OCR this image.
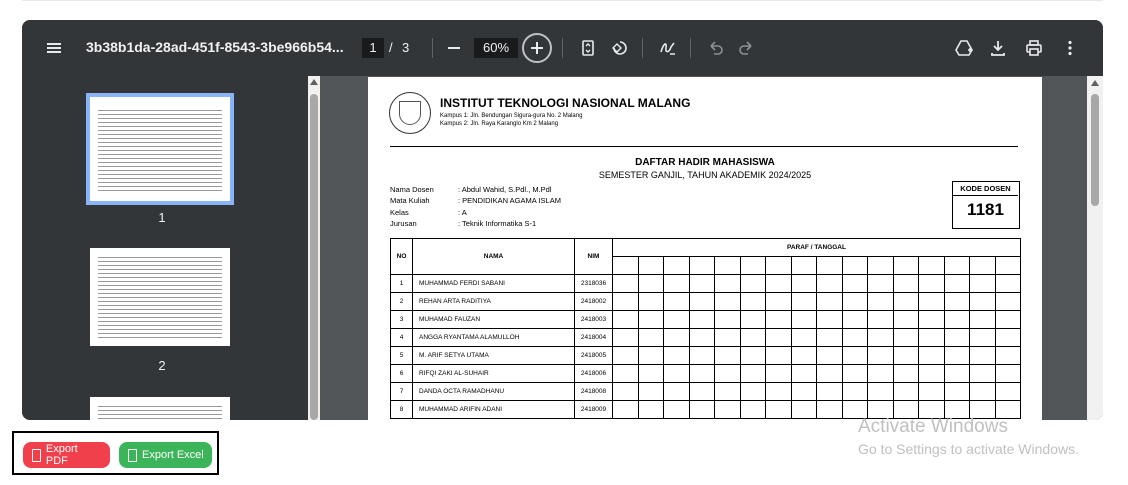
3b38b1da-28ad-451f-8543-3be966b54...	1 / 3	60%
1
2
INSTITUT TEKNOLOGI NASIONAL MALANG
Kampus 1: Jln. Bendungan Sigura-gura No. 2 Malang
Kampus 2: Jln. Raya Karanglo Km 2 Malang
DAFTAR HADIR MAHASISWA
SEMESTER GANJIL, TAHUN AKADEMIK 2024/2025
Nama Dosen	: Abdul Wahid, S.Pdl., M.Pdl
Mata Kuliah	: PENDIDIKAN AGAMA ISLAM
Kelas	: A
Jurusan	: Teknik Informatika S-1
KODE DOSEN
1181
NO	NAMA	NIM	PARAF / TANGGAL															

1	MUHAMMAD FERDI SABANI	2318036																
2	REHAN ARTA RADITIYA	2418002																
3	MUHAMAD FAUZAN	2418003																
4	ANGGA RYANTAMA ALAMULLOH	2418004																
5	M. ARIF SETYA UTAMA	2418005																
6	RIFQI ZAKI AL-SUHAIR	2418006																
7	DANDA OCTA RAMADHANU	2418008																
8	MUHAMMAD ARIFIN ADANI	2418009																
Export PDF	Export Excel
Activate Windows
Go to Settings to activate Windows.
